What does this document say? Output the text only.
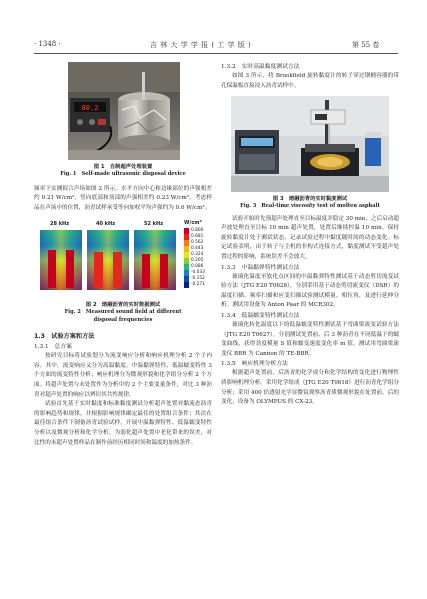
· 1348 ·	吉 林 大 学 学 报 ( 工 学 版 )	第 55 卷
80.2
图 1　自制超声处理装置
Fig. 1　Self-made ultrasonic disposal device

频率下实测拟合声场如图 2 所示。水平方向中心和边缘部位的声强相差约 0.21 W/cm²，竖向底部和顶部的声强相差约 0.23 W/cm²。考虑样品在声场中的位置，沥青试样承受等向加权平均声强约为 0.6 W/cm²。

28 kHz	40 kHz	52 kHz	W/cm²
0.800
0.681
0.562
0.443
0.324
0.205
0.086
-0.033
-0.152
-0.271
图 2　熔融沥青的实时数据测试
Fig. 2　Measured sound field at different
disposal frequencies
1.3　试验方案和方法
1.3.1　总方案

按研究目标将试验划分为流变响应分析和响应机理分析 2 个子内容。其中，流变响应又分为高温黏度、中温黏弹特性、低温蠕变特性 3 个方面的流变特性分析；响应机理分为微观形貌和化学组分分析 2 个方面。将超声处置与未处置作为分析中的 2 个主要变量条件，对比 3 种沥青对超声处置的响应以辨识其共性规律。

试验首先基于实时黏度和标准黏度测试分析超声处置对黏流态沥青的影响趋势和规律，并根据影响规律确定最佳的处置组合条件；其次在最佳组合条件下制备沥青试验试样，开展中温黏弹特性、低温蠕变特性分析以及微观分析和化学分析。为弱化超声处置中老化带来的误差，对比性的未超声处置样品在制作前经历相同时间和温度的加热条件。

1.3.2　实时高温黏度测试方法

如图 3 所示，将 Brookfield 旋转黏度计的转子穿过钢桶容器的带孔保温板直接浸入沥青试样中。

图 3　熔融沥青的实时黏度测试
Fig. 3　Real-time viscosity test of molten asphalt

试验开始时先预超声处理直至目标温度并稳定 30 min，之后启动超声波处理直至目标 10 min 超声处置，处置后继续控温 10 min。保持旋转黏度计处于测试状态，记录试验过程中黏度随时间的动态变化。标定试验表明，由于转子与主机的非构式连接方式，黏度测试不受超声处置过程的影响，系统误差不会放大。

1.3.3　中温黏弹特性测试方法

玻璃化温度至软化点区间的中温黏弹特性测试基于动态剪切流变试验方法（JTG E20 T0628），分别采用基于动态剪切流变仪（DSR）的温度扫描、频率扫描和应变扫描试验测试模量、相位角，及进行延伸分析。测试用设备为 Anton Paar 的 MCR302。

1.3.4　低温蠕变特性测试方法

玻璃化转化温度以下的低温蠕变特性测试基于弯曲梁流变试验方法（JTG E20 T0627）。分别测试处置前、后 3 种沥青在不同低温下的蠕变曲线，获得劲度模量 S 值和蠕变速度变化率 m 值。测试用弯曲梁流变仪 BBR 为 Cannon 的 TE-BBR。

1.3.5　响应机理分析方法

根据超声处置前、后沥青的化学成分和化学结构的变化进行物理性质影响机理分析。采用化学组成（JTG E20 T0618）进行沥青化学组分分析；采用 400 倍透射光学显微镜观察沥青质微观形貌在处置前、后的变化，设备为 OLYMPUS 的 CX-23。
